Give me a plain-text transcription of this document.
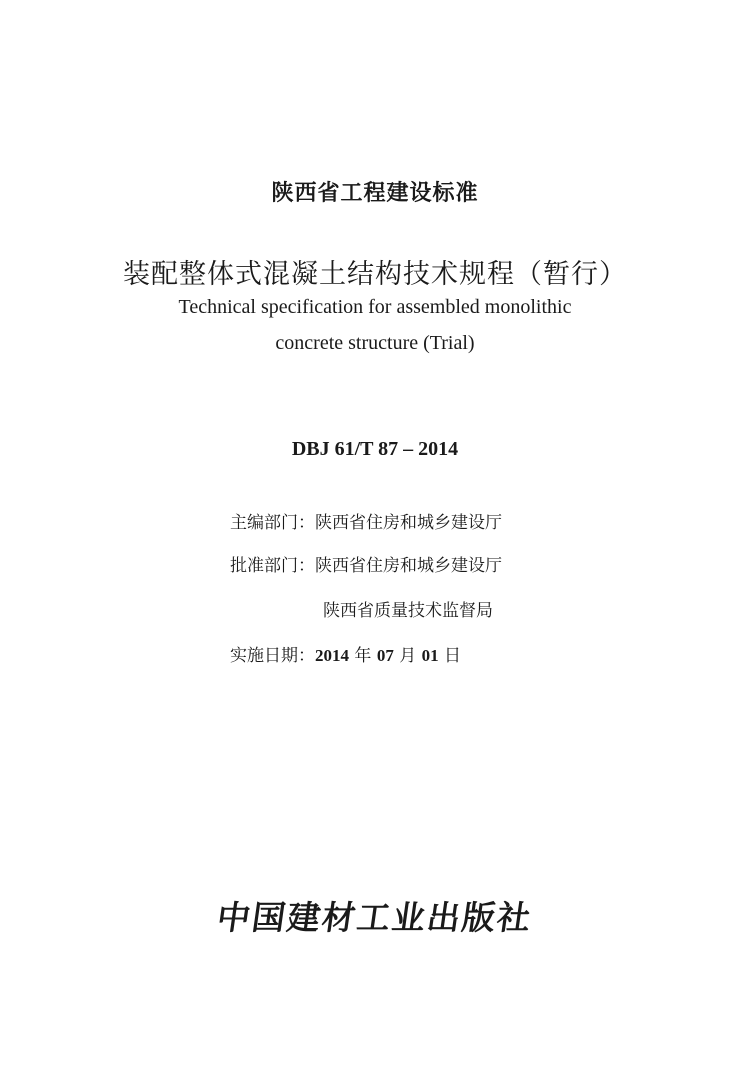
陕西省工程建设标准
装配整体式混凝土结构技术规程（暂行）
Technical specification for assembled monolithic
concrete structure (Trial)
DBJ 61/T 87 – 2014
主编部门：陕西省住房和城乡建设厅
批准部门：陕西省住房和城乡建设厅
陕西省质量技术监督局
实施日期：2014 年 07 月 01 日
中国建材工业出版社
